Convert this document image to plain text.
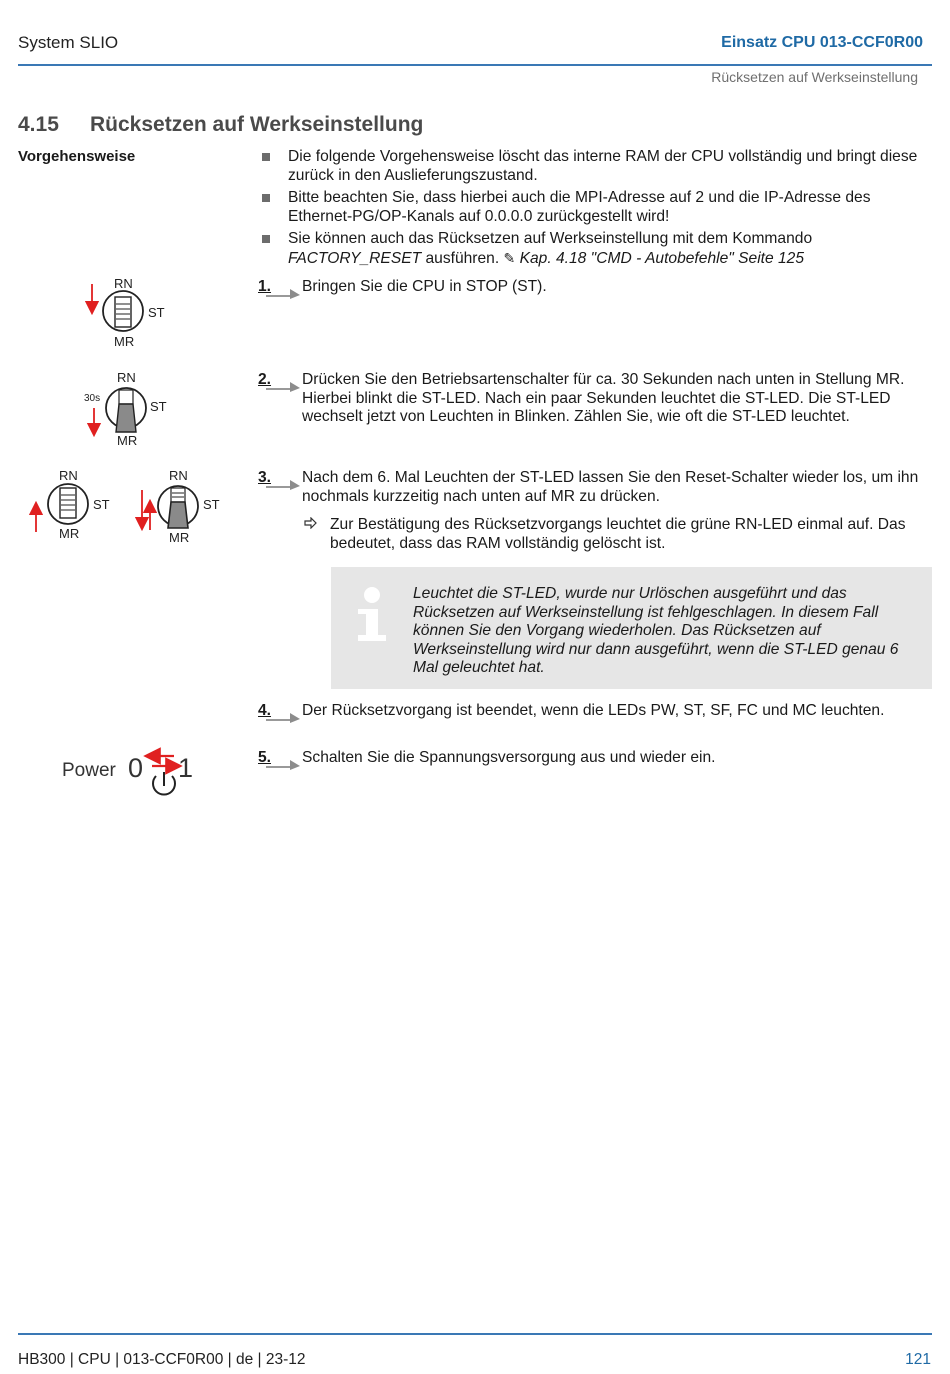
System SLIO	Einsatz CPU 013-CCF0R00
Rücksetzen auf Werkseinstellung
4.15 Rücksetzen auf Werkseinstellung
Vorgehensweise	Die folgende Vorgehensweise löscht das interne RAM der CPU vollständig und bringt diese zurück in den Auslieferungszustand.
Bitte beachten Sie, dass hierbei auch die MPI-Adresse auf 2 und die IP-Adresse des Ethernet-PG/OP-Kanals auf 0.0.0.0 zurückgestellt wird!
Sie können auch das Rücksetzen auf Werkseinstellung mit dem Kommando FACTORY_RESET ausführen. ✎ Kap. 4.18 "CMD - Autobefehle" Seite 125
1. Bringen Sie die CPU in STOP (ST).
2. Drücken Sie den Betriebsartenschalter für ca. 30 Sekunden nach unten in Stellung MR. Hierbei blinkt die ST-LED. Nach ein paar Sekunden leuchtet die ST-LED. Die ST-LED wechselt jetzt von Leuchten in Blinken. Zählen Sie, wie oft die ST-LED leuchtet.
3. Nach dem 6. Mal Leuchten der ST-LED lassen Sie den Reset-Schalter wieder los, um ihn nochmals kurzzeitig nach unten auf MR zu drücken.
Zur Bestätigung des Rücksetzvorgangs leuchtet die grüne RN-LED einmal auf. Das bedeutet, dass das RAM vollständig gelöscht ist.
Leuchtet die ST-LED, wurde nur Urlöschen ausgeführt und das Rücksetzen auf Werkseinstellung ist fehlgeschlagen. In diesem Fall können Sie den Vorgang wiederholen. Das Rücksetzen auf Werkseinstellung wird nur dann ausgeführt, wenn die ST-LED genau 6 Mal geleuchtet hat.
4. Der Rücksetzvorgang ist beendet, wenn die LEDs PW, ST, SF, FC und MC leuchten.
5. Schalten Sie die Spannungsversorgung aus und wieder ein.
RN
ST
MR
30s
RN
ST
MR
RN
ST
MR
RN
ST
MR
Power 0 1
HB300 | CPU | 013-CCF0R00 | de | 23-12	121
